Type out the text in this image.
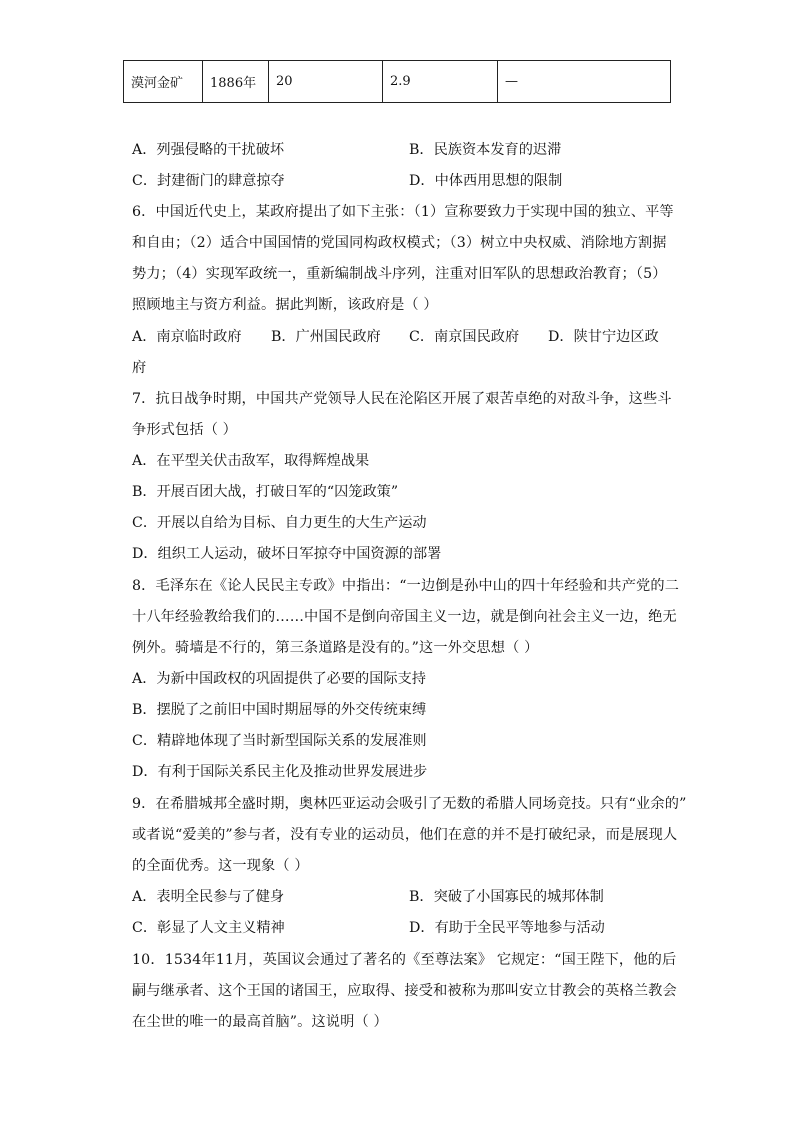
漠河金矿	1886年	20	2.9	—
A．列强侵略的干扰破坏	B．民族资本发育的迟滞
C．封建衙门的肆意掠夺	D．中体西用思想的限制
6．中国近代史上，某政府提出了如下主张：（1）宣称要致力于实现中国的独立、平等
和自由；（2）适合中国国情的党国同构政权模式；（3）树立中央权威、消除地方割据
势力；（4）实现军政统一，重新编制战斗序列，注重对旧军队的思想政治教育；（5）
照顾地主与资方利益。据此判断，该政府是（ ）
A．南京临时政府 B．广州国民政府 C．南京国民政府 D．陕甘宁边区政
府
7．抗日战争时期，中国共产党领导人民在沦陷区开展了艰苦卓绝的对敌斗争，这些斗
争形式包括（ ）
A．在平型关伏击敌军，取得辉煌战果
B．开展百团大战，打破日军的“囚笼政策”
C．开展以自给为目标、自力更生的大生产运动
D．组织工人运动，破坏日军掠夺中国资源的部署
8．毛泽东在《论人民民主专政》中指出：“一边倒是孙中山的四十年经验和共产党的二
十八年经验教给我们的……中国不是倒向帝国主义一边，就是倒向社会主义一边，绝无
例外。骑墙是不行的，第三条道路是没有的。”这一外交思想（ ）
A．为新中国政权的巩固提供了必要的国际支持
B．摆脱了之前旧中国时期屈辱的外交传统束缚
C．精辟地体现了当时新型国际关系的发展准则
D．有利于国际关系民主化及推动世界发展进步
9．在希腊城邦全盛时期，奥林匹亚运动会吸引了无数的希腊人同场竞技。只有“业余的”
或者说“爱美的”参与者，没有专业的运动员，他们在意的并不是打破纪录，而是展现人
的全面优秀。这一现象（ ）
A．表明全民参与了健身	B．突破了小国寡民的城邦体制
C．彰显了人文主义精神	D．有助于全民平等地参与活动
10．1534年11月，英国议会通过了著名的《至尊法案》 它规定：“国王陛下，他的后
嗣与继承者、这个王国的诸国王，应取得、接受和被称为那叫安立甘教会的英格兰教会
在尘世的唯一的最高首脑”。这说明（ ）
